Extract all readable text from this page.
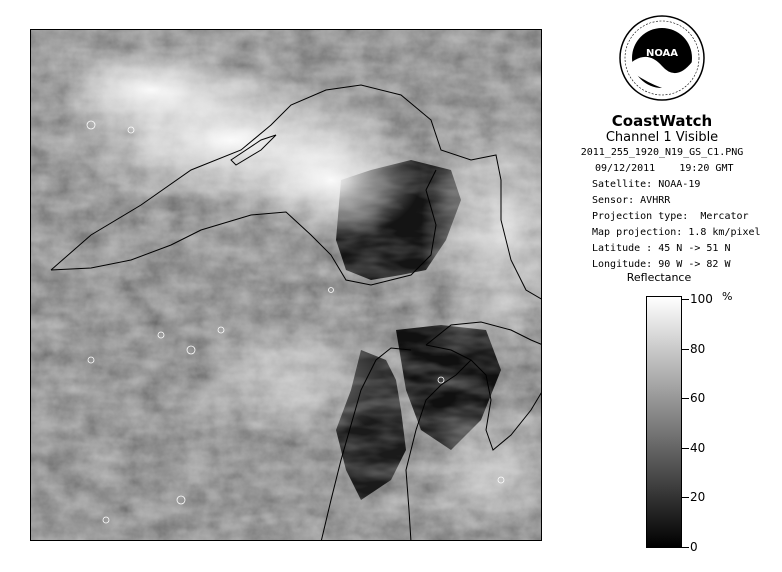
NOAA
CoastWatch
Channel 1 Visible
2011_255_1920_N19_GS_C1.PNG
09/12/2011 19:20 GMT
Satellite: NOAA-19
Sensor: AVHRR
Projection type:  Mercator
Map projection: 1.8 km/pixel
Latitude : 45 N -> 51 N
Longitude: 90 W -> 82 W
Reflectance
%
100
80
60
40
20
0
